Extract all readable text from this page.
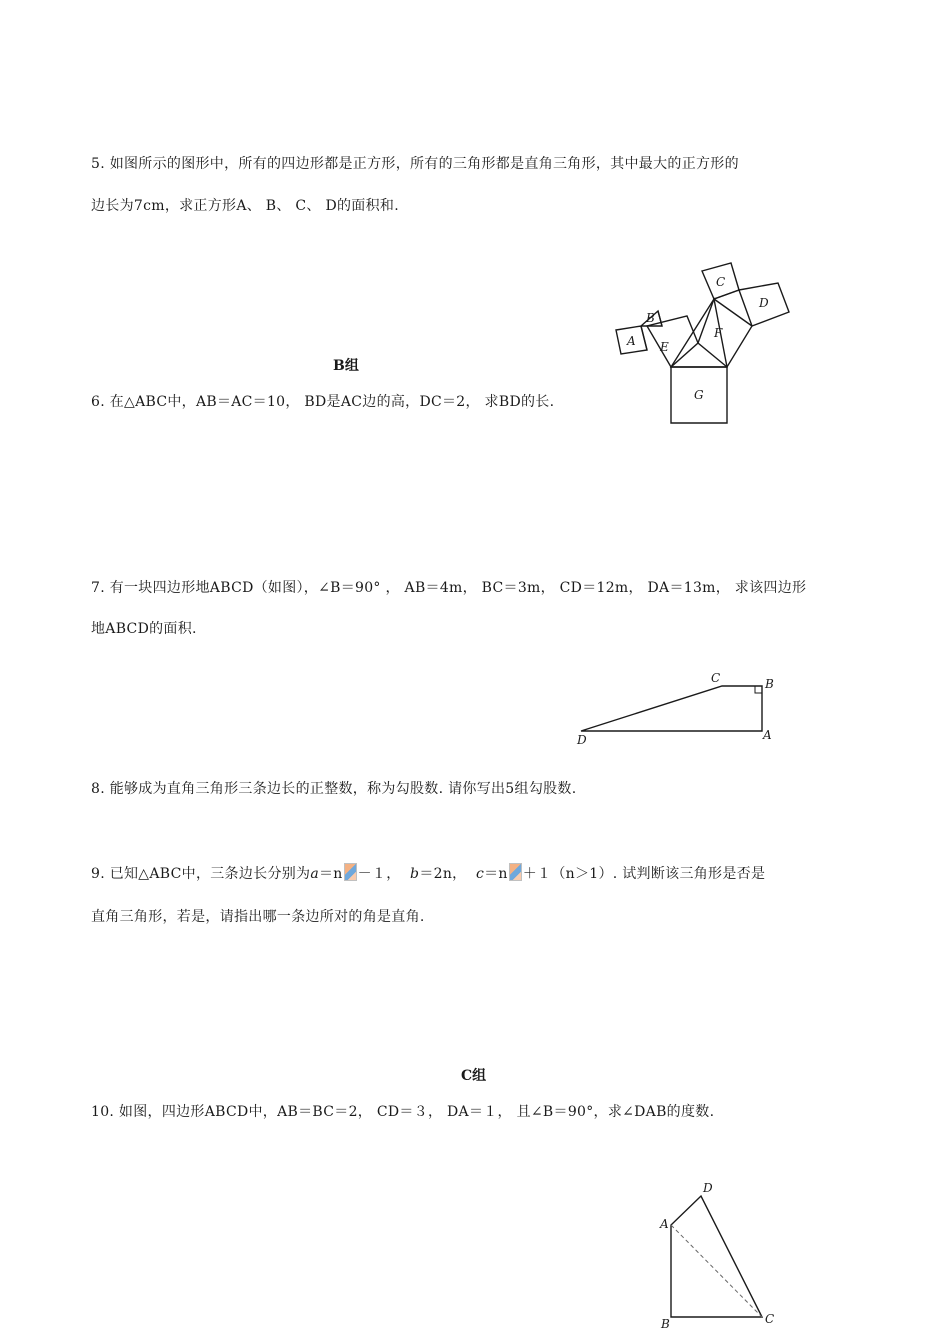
5. 如图所示的图形中，所有的四边形都是正方形，所有的三角形都是直角三角形，其中最大的正方形的
边长为7cm，求正方形A、 B、 C、 D的面积和.
A
B
C
D
E
F
G
B组
6. 在△ABC中，AB＝AC＝10， BD是AC边的高，DC＝2， 求BD的长.
7. 有一块四边形地ABCD（如图），∠B＝90° ， AB＝4m， BC＝3m， CD＝12m， DA＝13m， 求该四边形
地ABCD的面积.
C	B
D	A
8. 能够成为直角三角形三条边长的正整数，称为勾股数. 请你写出5组勾股数.
9. 已知△ABC中，三条边长分别为a＝n －１， b＝2n， c＝n ＋１（n＞1）. 试判断该三角形是否是
直角三角形，若是，请指出哪一条边所对的角是直角.
C组
10. 如图，四边形ABCD中，AB＝BC＝2， CD＝３， DA＝１， 且∠B＝90°，求∠DAB的度数.
D
A
B	C
